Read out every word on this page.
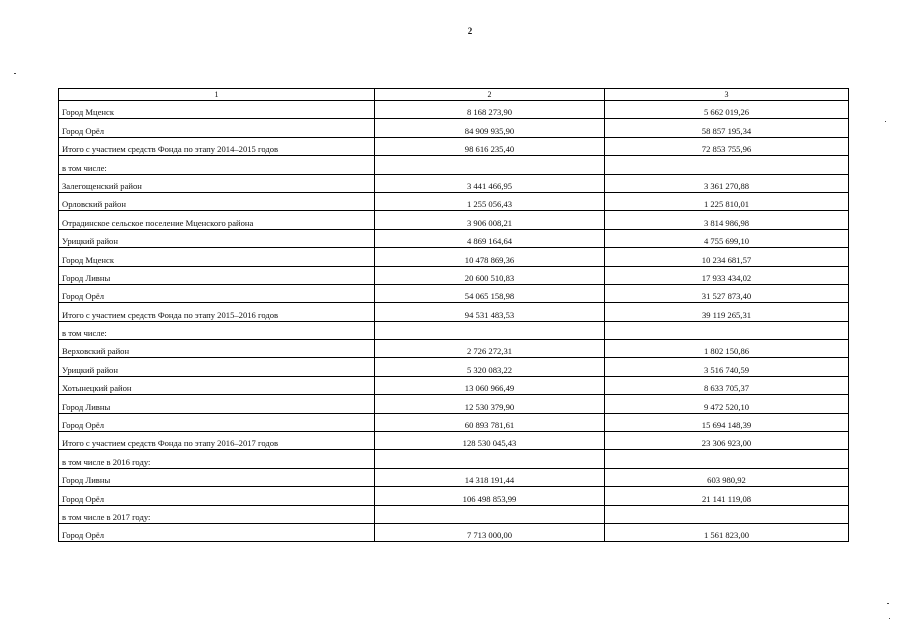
2
1	2	3
Город Мценск	8 168 273,90	5 662 019,26
Город Орёл	84 909 935,90	58 857 195,34
Итого с участием средств Фонда по этапу 2014–2015 годов	98 616 235,40	72 853 755,96
в том числе:		
Залегощенский район	3 441 466,95	3 361 270,88
Орловский район	1 255 056,43	1 225 810,01
Отрадинское сельское поселение Мценского района	3 906 008,21	3 814 986,98
Урицкий район	4 869 164,64	4 755 699,10
Город Мценск	10 478 869,36	10 234 681,57
Город Ливны	20 600 510,83	17 933 434,02
Город Орёл	54 065 158,98	31 527 873,40
Итого с участием средств Фонда по этапу 2015–2016 годов	94 531 483,53	39 119 265,31
в том числе:		
Верховский район	2 726 272,31	1 802 150,86
Урицкий район	5 320 083,22	3 516 740,59
Хотынецкий район	13 060 966,49	8 633 705,37
Город Ливны	12 530 379,90	9 472 520,10
Город Орёл	60 893 781,61	15 694 148,39
Итого с участием средств Фонда по этапу 2016–2017 годов	128 530 045,43	23 306 923,00
в том числе в 2016 году:		
Город Ливны	14 318 191,44	603 980,92
Город Орёл	106 498 853,99	21 141 119,08
в том числе в 2017 году:		
Город Орёл	7 713 000,00	1 561 823,00
